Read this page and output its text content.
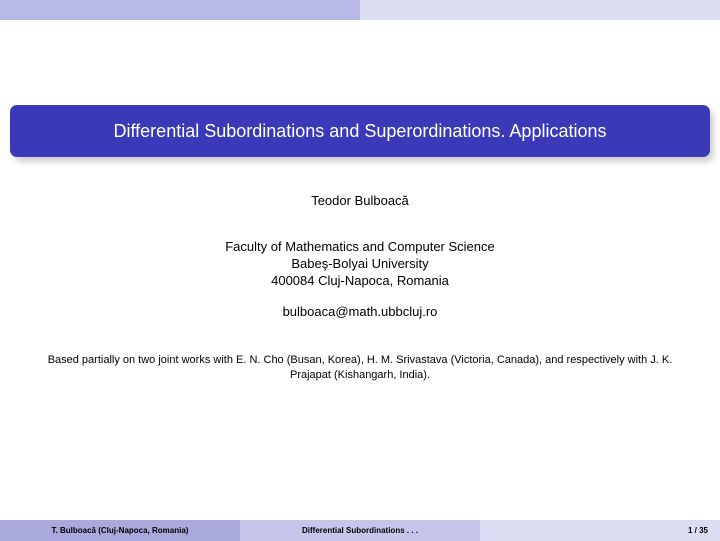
Differential Subordinations and Superordinations. Applications
Teodor Bulboacă
Faculty of Mathematics and Computer Science
Babeş-Bolyai University
400084 Cluj-Napoca, Romania
bulboaca@math.ubbcluj.ro
Based partially on two joint works with E. N. Cho (Busan, Korea), H. M. Srivastava (Victoria, Canada), and respectively with J. K. Prajapat (Kishangarh, India).
T. Bulboacă (Cluj-Napoca, Romania)	Differential Subordinations . . .	1 / 35
